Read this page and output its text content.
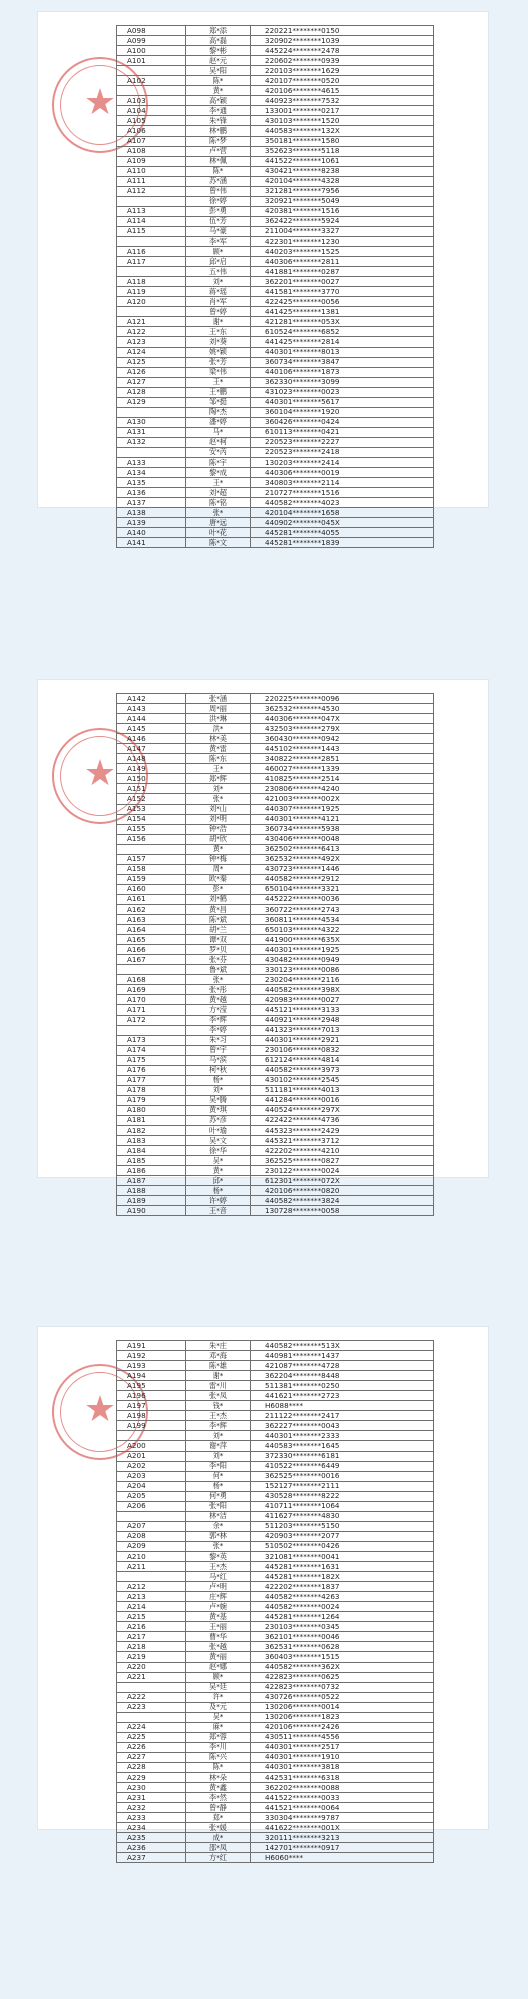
★
A098	郑*添	220221********0150
A099	高*磊	320902********1039
A100	黎*彬	445224********2478
A101	赵*元	220602********0939
	吴*阳	220103********1629
A102	陈*	420107********0520
	黄*	420106********4615
A103	高*颖	440923********7532
A104	李*通	133001********0217
A105	朱*锋	430103********1520
A106	林*鹏	440583********132X
A107	陈*梦	350181********1580
A108	卢*营	352623********5118
A109	林*佩	441522********1061
A110	陈*	430421********8238
A111	苏*涵	420104********4328
A112	曾*伟	321281********7956
	徐*婷	320921********5049
A113	彭*勇	420381********1516
A114	伍*芳	362422********5924
A115	马*豪	211004********3327
	李*军	422301********1230
A116	顾*	440203********1525
A117	邱*启	440306********2811
	五*伟	441881********0287
A118	刘*	362201********0027
A119	蒋*瑶	441581********3770
A120	肖*军	422425********0056
	曾*婷	441425********1381
A121	谢*	421281********053X
A122	王*东	610524********6852
A123	刘*葵	441425********2814
A124	姚*颖	440301********8013
A125	张*芳	360734********3847
A126	梁*伟	440106********1873
A127	王*	362330********3099
A128	王*鹏	431023********0023
A129	邹*挺	440301********5617
	陶*杰	360104********1920
A130	潘*婷	360426********0424
A131	马*	610113********0421
A132	赵*柯	220523********2227
	安*芮	220523********2418
A133	陈*宇	130203********2414
A134	黎*成	440306********0019
A135	王*	340803********2114
A136	刘*超	210727********1516
A137	陈*铭	440582********4023
A138	张*	420104********1658
A139	唐*远	440902********045X
A140	叶*花	445281********4055
A141	陈*文	445281********1839
★
A142	张*涵	220225********0096
A143	周*丽	362532********4530
A144	洪*琳	440306********047X
A145	洪*	432503********279X
A146	林*美	360430********0942
A147	黄*雷	445102********1443
A148	陈*东	340822********2851
A149	王*	460027********1339
A150	郑*辉	410825********2514
A151	刘*	230806********4240
A152	张*	421003********002X
A153	刘*山	440307********1925
A154	刘*明	440301********4121
A155	钟*浩	360734********5938
A156	胡*欣	430406********0048
	黄*	362502********6413
A157	钟*梅	362532********492X
A158	周*	430723********1446
A159	欧*秦	440582********2912
A160	彭*	650104********3321
A161	刘*鹤	445222********0036
A162	黄*昌	360722********2743
A163	陈*斌	360811********4534
A164	胡*兰	650103********4322
A165	谭*双	441900********635X
A166	罗*贝	440301********1925
A167	张*芬	430482********0949
	鲁*斌	330123********0086
A168	张*	230204********2116
A169	张*彤	440582********398X
A170	黄*越	420983********0027
A171	方*滢	445121********3133
A172	李*辉	440921********2948
	李*婷	441323********7013
A173	朱*习	440301********2921
A174	曾*宇	230106********0832
A175	马*滨	612124********4814
A176	柯*秋	440582********3973
A177	杨*	430102********2545
A178	刘*	511181********4013
A179	吴*腾	441284********0016
A180	黄*琪	440524********297X
A181	苏*彦	422422********4736
A182	叶*瑜	445323********2429
A183	吴*文	445321********3712
A184	徐*华	422202********4210
A185	吴*	362525********0827
A186	黄*	230122********0024
A187	邱*	612301********072X
A188	杨*	420106********0820
A189	许*婷	440582********3824
A190	王*音	130728********0058
★
A191	朱*庄	440582********513X
A192	邓*海	440981********1437
A193	陈*雄	421087********4728
A194	谢*	362204********8448
A195	雷*川	511381********0250
A196	张*凤	441621********2723
A197	钱*	H6088****
A198	王*杰	211122********2417
A199	李*辉	362227********0043
	刘*	440301********2333
A200	谢*萍	440583********1645
A201	刘*	372330********6181
A202	李*阳	410522********6449
A203	何*	362525********0016
A204	杨*	152127********2111
A205	何*勇	430528********8222
A206	张*阳	410711********1064
	林*洁	411627********4830
A207	余*	511203********5150
A208	郭*林	420903********2077
A209	张*	510502********0426
A210	黎*英	321081********0041
A211	王*杰	445281********1631
	马*红	445281********182X
A212	卢*明	422202********1837
A213	庄*辉	440582********4263
A214	卢*婉	440582********0024
A215	黄*基	445281********1264
A216	王*丽	230103********0345
A217	曹*华	362101********0046
A218	张*越	362531********0628
A219	黄*丽	360403********1515
A220	赵*娜	440582********362X
A221	顾*	422823********0625
	吴*廷	422823********0732
A222	许*	430726********0522
A223	及*元	130206********0014
	吴*	130206********1823
A224	麻*	420106********2426
A225	郑*蓉	430511********4556
A226	李*川	440301********2517
A227	陈*兴	440301********1910
A228	陈*	440301********3818
A229	林*朵	442531********6318
A230	黄*鑫	362202********0088
A231	李*然	441522********0033
A232	曾*静	441521********0064
A233	郑*	330304********9787
A234	张*媛	441622********001X
A235	成*	320111********3213
A236	邵*凤	142701********0917
A237	方*红	H6060****
